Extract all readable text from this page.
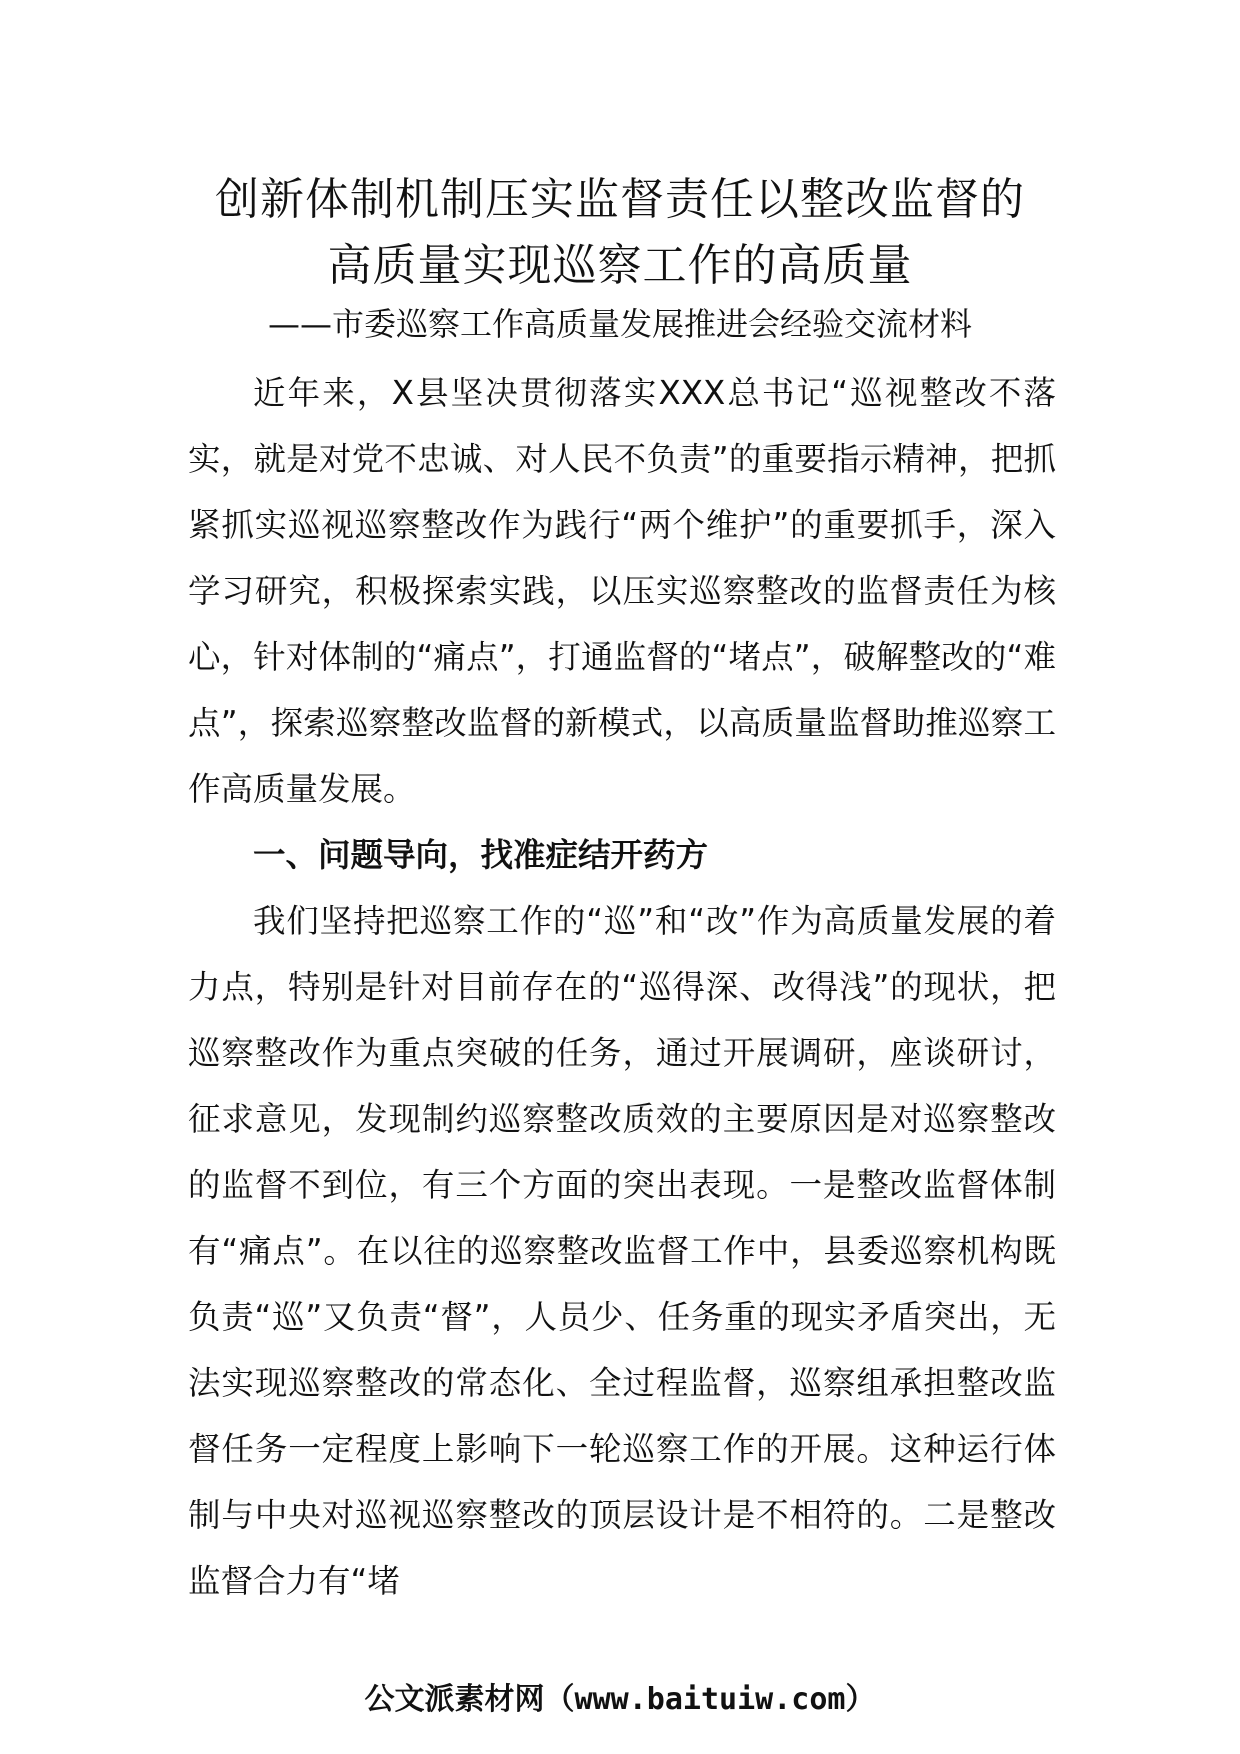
创新体制机制压实监督责任以整改监督的
高质量实现巡察工作的高质量
——市委巡察工作高质量发展推进会经验交流材料

近年来，X县坚决贯彻落实XXX总书记“巡视整改不落实，就是对党不忠诚、对人民不负责”的重要指示精神，把抓紧抓实巡视巡察整改作为践行“两个维护”的重要抓手，深入学习研究，积极探索实践，以压实巡察整改的监督责任为核心，针对体制的“痛点”，打通监督的“堵点”，破解整改的“难点”，探索巡察整改监督的新模式，以高质量监督助推巡察工作高质量发展。

一、问题导向，找准症结开药方

我们坚持把巡察工作的“巡”和“改”作为高质量发展的着力点，特别是针对目前存在的“巡得深、改得浅”的现状，把巡察整改作为重点突破的任务，通过开展调研，座谈研讨，征求意见，发现制约巡察整改质效的主要原因是对巡察整改的监督不到位，有三个方面的突出表现。一是整改监督体制有“痛点”。在以往的巡察整改监督工作中，县委巡察机构既负责“巡”又负责“督”，人员少、任务重的现实矛盾突出，无法实现巡察整改的常态化、全过程监督，巡察组承担整改监督任务一定程度上影响下一轮巡察工作的开展。这种运行体制与中央对巡视巡察整改的顶层设计是不相符的。二是整改监督合力有“堵

公文派素材网（www.baituiw.com）
